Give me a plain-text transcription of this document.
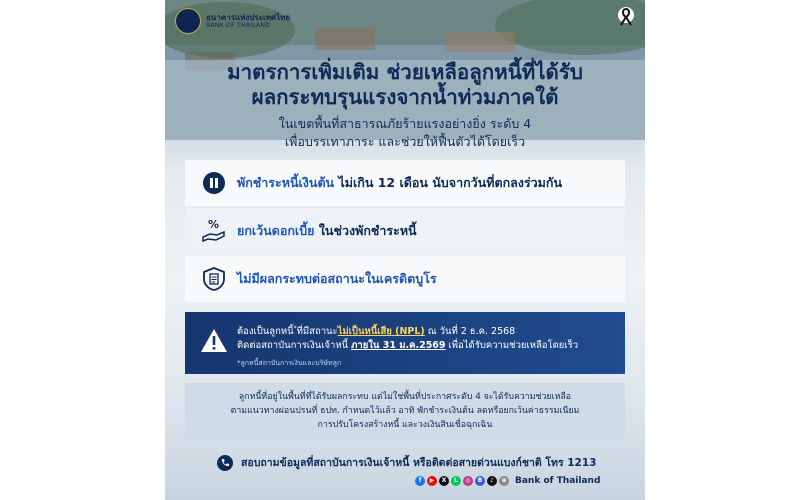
ธนาคารแห่งประเทศไทย
BANK OF THAILAND
มาตรการเพิ่มเติม ช่วยเหลือลูกหนี้ที่ได้รับ
ผลกระทบรุนแรงจากน้ำท่วมภาคใต้
ในเขตพื้นที่สาธารณภัยร้ายแรงอย่างยิ่ง ระดับ 4
เพื่อบรรเทาภาระ และช่วยให้ฟื้นตัวได้โดยเร็ว
พักชำระหนี้เงินต้น ไม่เกิน 12 เดือน นับจากวันที่ตกลงร่วมกัน
% ยกเว้นดอกเบี้ย ในช่วงพักชำระหนี้
ไม่มีผลกระทบต่อสถานะในเครดิตบูโร
ต้องเป็นลูกหนี้*ที่มีสถานะไม่เป็นหนี้เสีย (NPL) ณ วันที่ 2 ธ.ค. 2568
ติดต่อสถาบันการเงินเจ้าหนี้ ภายใน 31 ม.ค.2569 เพื่อได้รับความช่วยเหลือโดยเร็ว
*ลูกหนี้สถาบันการเงินและบริษัทลูก
ลูกหนี้ที่อยู่ในพื้นที่ที่ได้รับผลกระทบ แต่ไม่ใช่พื้นที่ประกาศระดับ 4 จะได้รับความช่วยเหลือ
ตามแนวทางผ่อนปรนที่ ธปท. กำหนดไว้แล้ว อาทิ พักชำระเงินต้น ลดหรือยกเว้นค่าธรรมเนียม
การปรับโครงสร้างหนี้ และวงเงินสินเชื่อฉุกเฉิน
สอบถามข้อมูลที่สถาบันการเงินเจ้าหนี้ หรือติดต่อสายด่วนแบงก์ชาติ โทร 1213
f	▶	X	L	◎	B	♪	⊕ Bank of Thailand
